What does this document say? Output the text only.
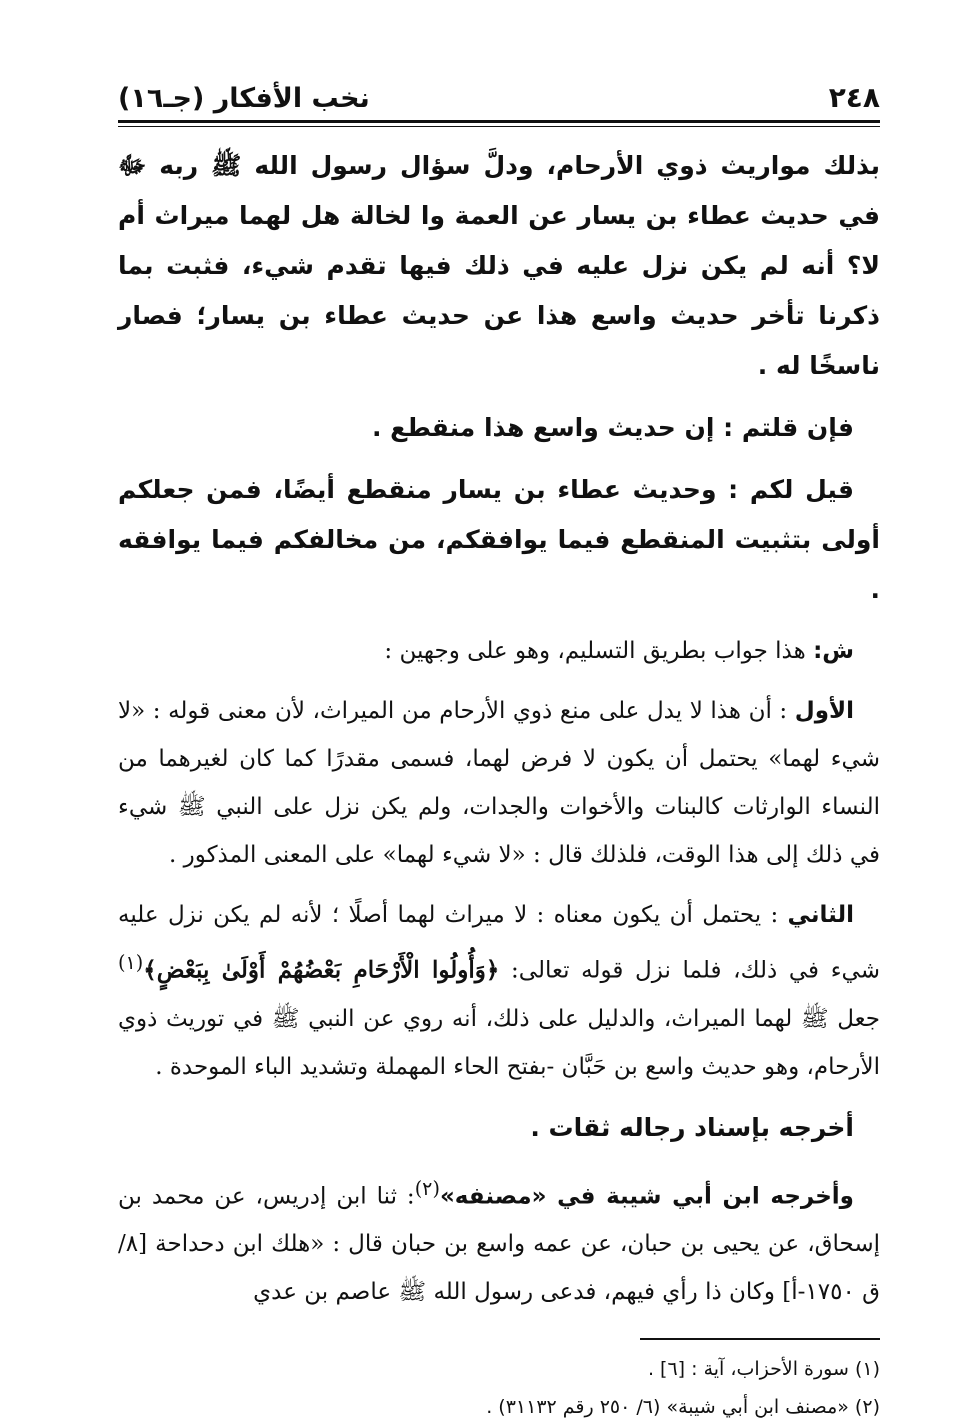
٢٤٨
نخب الأفكار (جـ١٦)

بذلك مواريث ذوي الأرحام، ودلَّ سؤال رسول الله ﷺ ربه ﷻ في حديث عطاء بن يسار عن العمة وا لخالة هل لهما ميراث أم لا؟ أنه لم يكن نزل عليه في ذلك فيها تقدم شيء، فثبت بما ذكرنا تأخر حديث واسع هذا عن حديث عطاء بن يسار؛ فصار ناسخًا له .

فإن قلتم : إن حديث واسع هذا منقطع .

قيل لكم : وحديث عطاء بن يسار منقطع أيضًا، فمن جعلكم أولى بتثبيت المنقطع فيما يوافقكم، من مخالفكم فيما يوافقه .

ش: هذا جواب بطريق التسليم، وهو على وجهين :

الأول : أن هذا لا يدل على منع ذوي الأرحام من الميراث، لأن معنى قوله : «لا شيء لهما» يحتمل أن يكون لا فرض لهما، فسمى مقدرًا كما كان لغيرهما من النساء الوارثات كالبنات والأخوات والجدات، ولم يكن نزل على النبي ﷺ شيء في ذلك إلى هذا الوقت، فلذلك قال : «لا شيء لهما» على المعنى المذكور .

الثاني : يحتمل أن يكون معناه : لا ميراث لهما أصلًا ؛ لأنه لم يكن نزل عليه شيء في ذلك، فلما نزل قوله تعالى: ﴿وَأُولُوا الْأَرْحَامِ بَعْضُهُمْ أَوْلَىٰ بِبَعْضٍ﴾$^{(١)}$ جعل ﷺ لهما الميراث، والدليل على ذلك، أنه روي عن النبي ﷺ في توريث ذوي الأرحام، وهو حديث واسع بن حَبَّان -بفتح الحاء المهملة وتشديد الباء الموحدة .

أخرجه بإسناد رجاله ثقات .

وأخرجه ابن أبي شيبة في «مصنفه»$^{(٢)}$: ثنا ابن إدريس، عن محمد بن إسحاق، عن يحيى بن حبان، عن عمه واسع بن حبان قال : «هلك ابن دحداحة [٨/ق ١٧٥٠-أ] وكان ذا رأي فيهم، فدعى رسول الله ﷺ عاصم بن عدي

(١) سورة الأحزاب، آية : [٦] .

(٢) «مصنف ابن أبي شيبة» (٦/ ٢٥٠ رقم ٣١١٣٢) .
